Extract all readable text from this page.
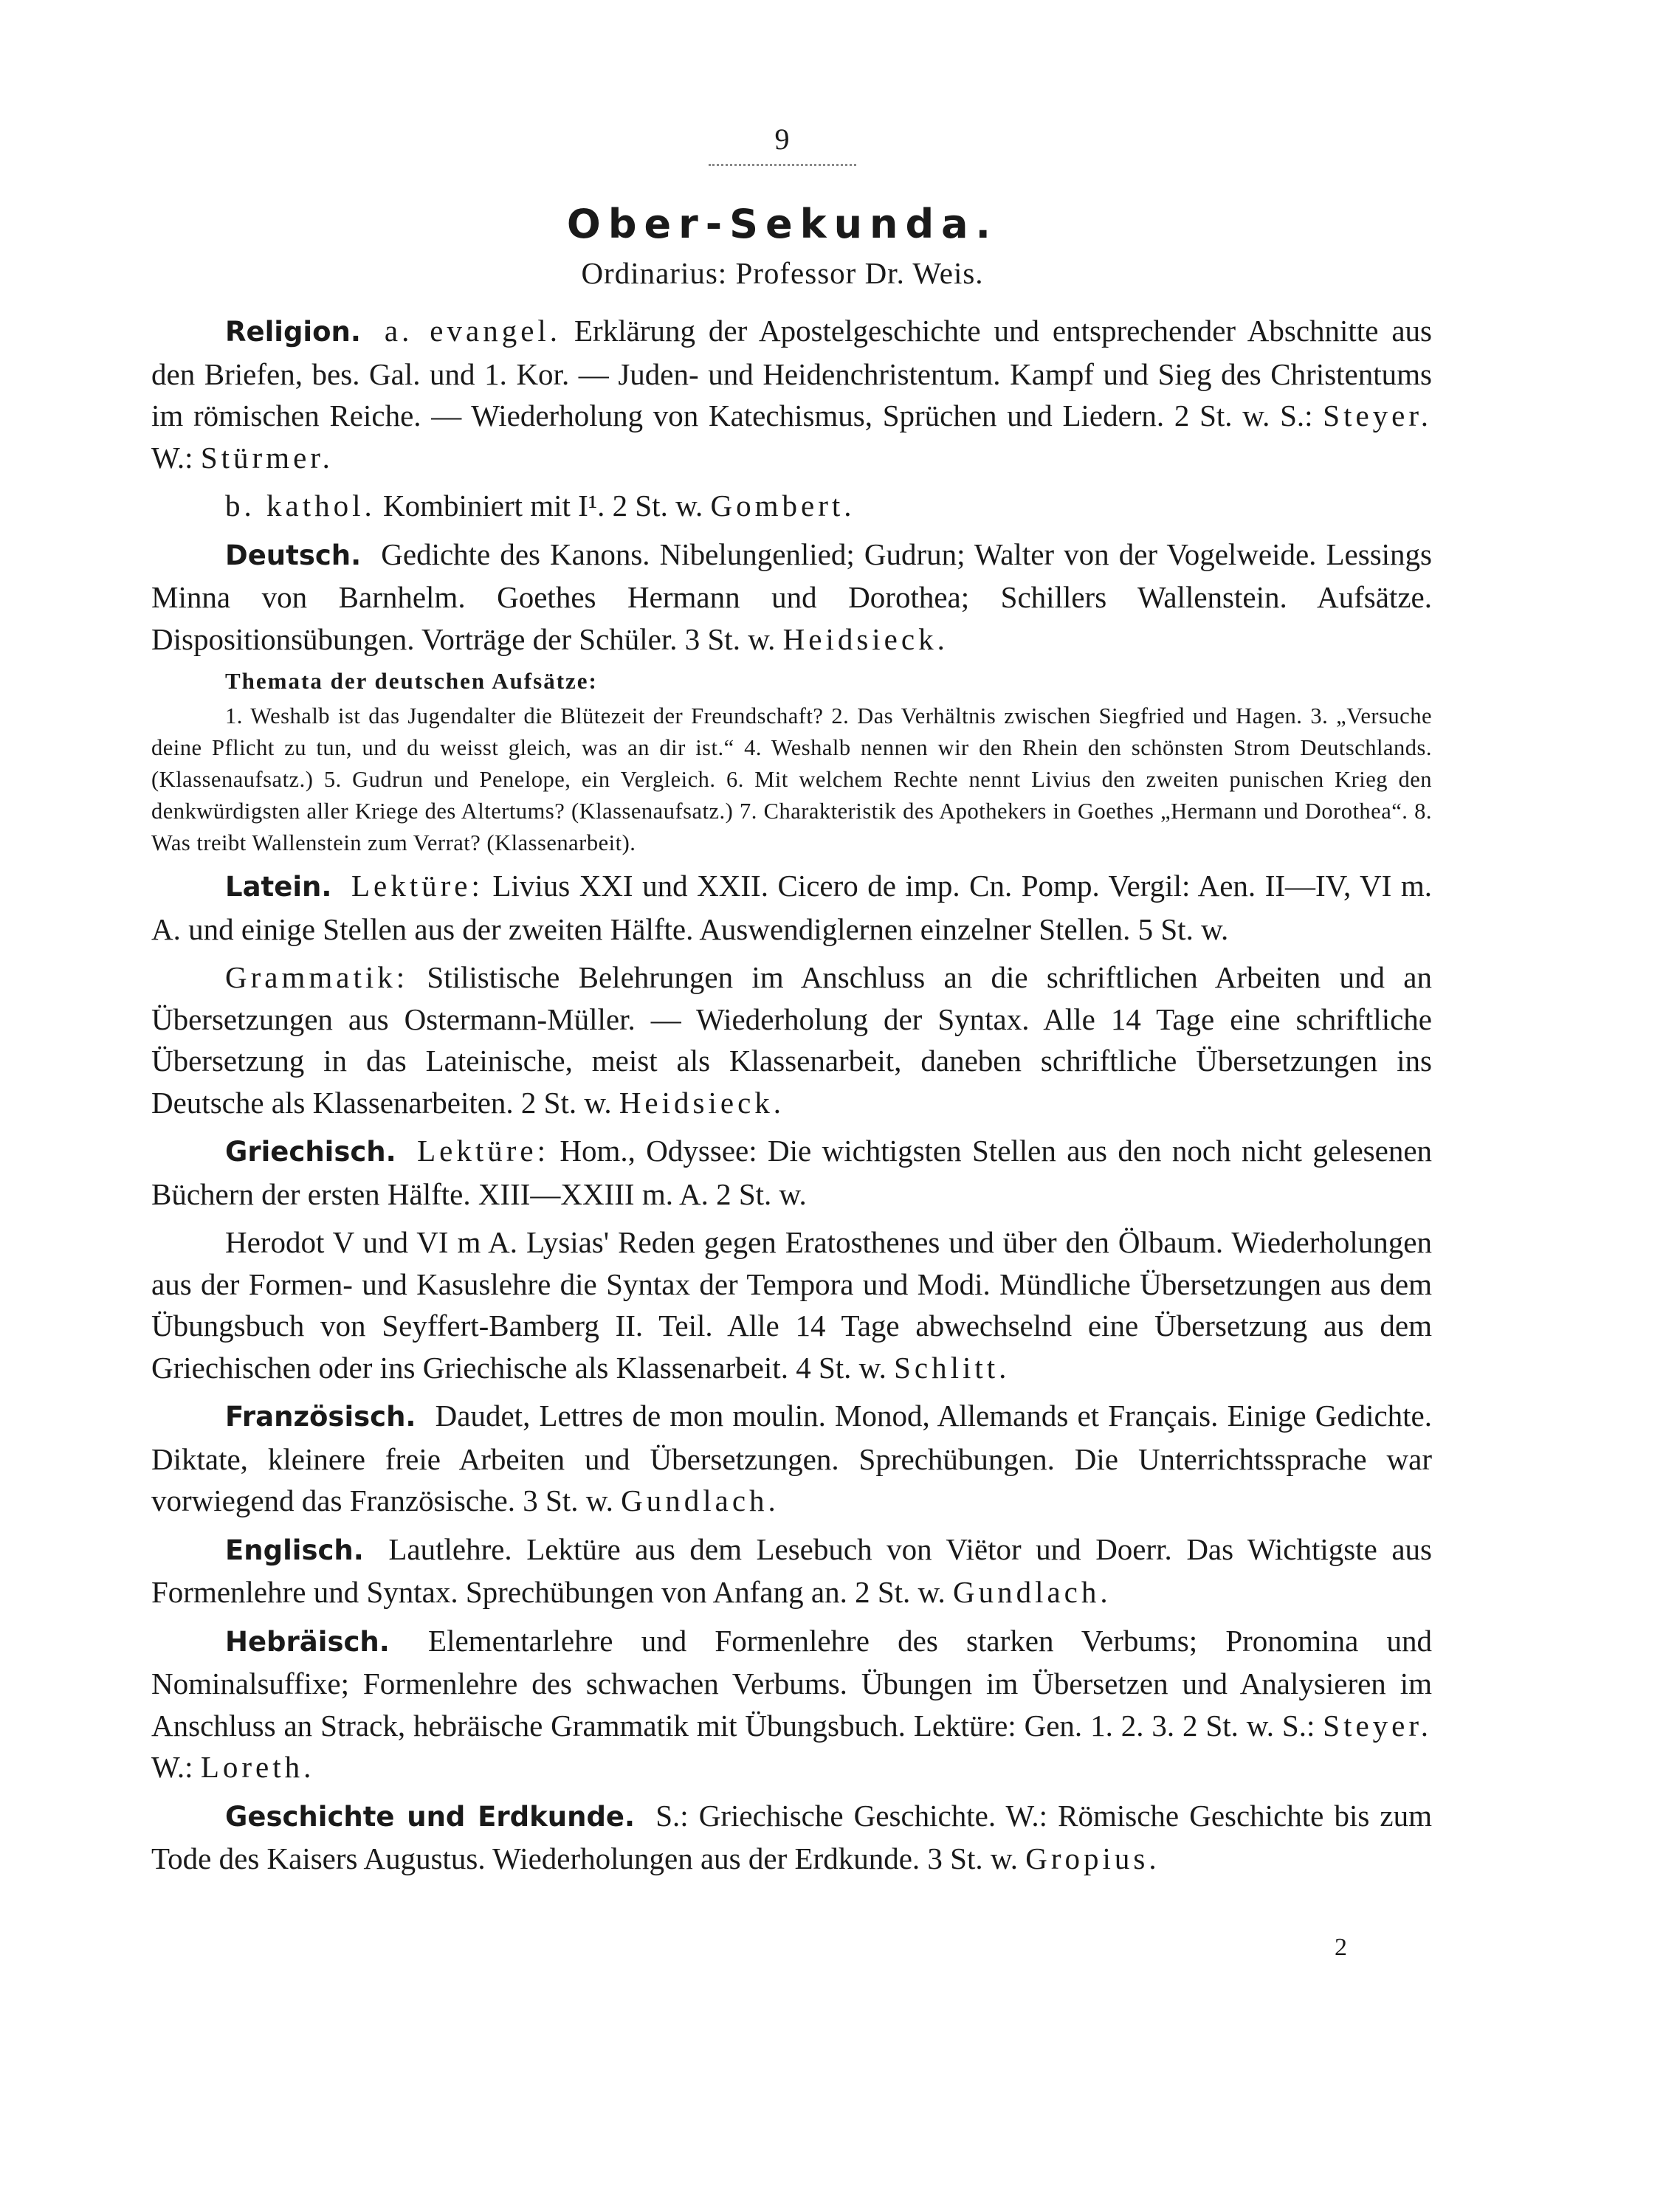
9
Ober-Sekunda.
Ordinarius: Professor Dr. Weis.

Religion. a. evangel. Erklärung der Apostelgeschichte und entsprechender Abschnitte aus den Briefen, bes. Gal. und 1. Kor. — Juden- und Heidenchristentum. Kampf und Sieg des Christentums im römischen Reiche. — Wiederholung von Katechismus, Sprüchen und Liedern. 2 St. w. S.: Steyer. W.: Stürmer.

b. kathol. Kombiniert mit I¹. 2 St. w. Gombert.

Deutsch. Gedichte des Kanons. Nibelungenlied; Gudrun; Walter von der Vogelweide. Lessings Minna von Barnhelm. Goethes Hermann und Dorothea; Schillers Wallenstein. Aufsätze. Dispositionsübungen. Vorträge der Schüler. 3 St. w. Heidsieck.

Themata der deutschen Aufsätze:
1. Weshalb ist das Jugendalter die Blütezeit der Freundschaft? 2. Das Verhältnis zwischen Siegfried und Hagen. 3. „Versuche deine Pflicht zu tun, und du weisst gleich, was an dir ist.“ 4. Weshalb nennen wir den Rhein den schönsten Strom Deutschlands. (Klassenaufsatz.) 5. Gudrun und Penelope, ein Vergleich. 6. Mit welchem Rechte nennt Livius den zweiten punischen Krieg den denkwürdigsten aller Kriege des Altertums? (Klassenaufsatz.) 7. Charakteristik des Apothekers in Goethes „Hermann und Dorothea“. 8. Was treibt Wallenstein zum Verrat? (Klassenarbeit).

Latein. Lektüre: Livius XXI und XXII. Cicero de imp. Cn. Pomp. Vergil: Aen. II—IV, VI m. A. und einige Stellen aus der zweiten Hälfte. Auswendiglernen einzelner Stellen. 5 St. w.

Grammatik: Stilistische Belehrungen im Anschluss an die schriftlichen Arbeiten und an Übersetzungen aus Ostermann-Müller. — Wiederholung der Syntax. Alle 14 Tage eine schriftliche Übersetzung in das Lateinische, meist als Klassenarbeit, daneben schriftliche Übersetzungen ins Deutsche als Klassenarbeiten. 2 St. w. Heidsieck.

Griechisch. Lektüre: Hom., Odyssee: Die wichtigsten Stellen aus den noch nicht gelesenen Büchern der ersten Hälfte. XIII—XXIII m. A. 2 St. w.

Herodot V und VI m A. Lysias' Reden gegen Eratosthenes und über den Ölbaum. Wiederholungen aus der Formen- und Kasuslehre die Syntax der Tempora und Modi. Mündliche Übersetzungen aus dem Übungsbuch von Seyffert-Bamberg II. Teil. Alle 14 Tage abwechselnd eine Übersetzung aus dem Griechischen oder ins Griechische als Klassenarbeit. 4 St. w. Schlitt.

Französisch. Daudet, Lettres de mon moulin. Monod, Allemands et Français. Einige Gedichte. Diktate, kleinere freie Arbeiten und Übersetzungen. Sprechübungen. Die Unterrichtssprache war vorwiegend das Französische. 3 St. w. Gundlach.

Englisch. Lautlehre. Lektüre aus dem Lesebuch von Viëtor und Doerr. Das Wichtigste aus Formenlehre und Syntax. Sprechübungen von Anfang an. 2 St. w. Gundlach.

Hebräisch. Elementarlehre und Formenlehre des starken Verbums; Pronomina und Nominalsuffixe; Formenlehre des schwachen Verbums. Übungen im Übersetzen und Analysieren im Anschluss an Strack, hebräische Grammatik mit Übungsbuch. Lektüre: Gen. 1. 2. 3. 2 St. w. S.: Steyer. W.: Loreth.

Geschichte und Erdkunde. S.: Griechische Geschichte. W.: Römische Geschichte bis zum Tode des Kaisers Augustus. Wiederholungen aus der Erdkunde. 3 St. w. Gropius.

2
